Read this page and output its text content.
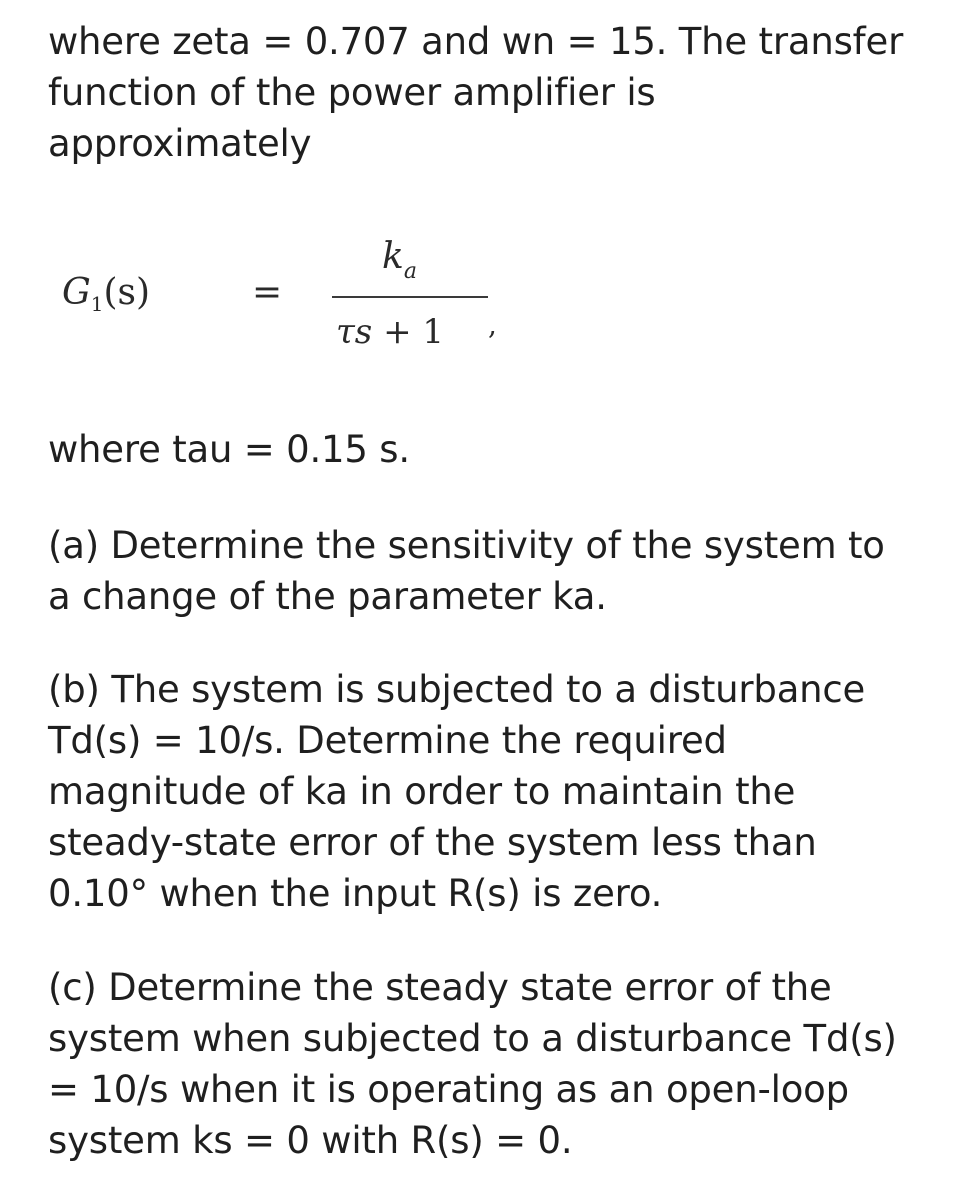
where zeta = 0.707 and wn = 15. The transfer
function of the power amplifier is
approximately
$G_1(s)$	=
$k_a$
τs + 1 ,
where tau = 0.15 s.
(a) Determine the sensitivity of the system to
a change of the parameter ka.
(b) The system is subjected to a disturbance
Td(s) = 10/s. Determine the required
magnitude of ka in order to maintain the
steady-state error of the system less than
0.10° when the input R(s) is zero.
(c) Determine the steady state error of the
system when subjected to a disturbance Td(s)
= 10/s when it is operating as an open-loop
system ks = 0 with R(s) = 0.
